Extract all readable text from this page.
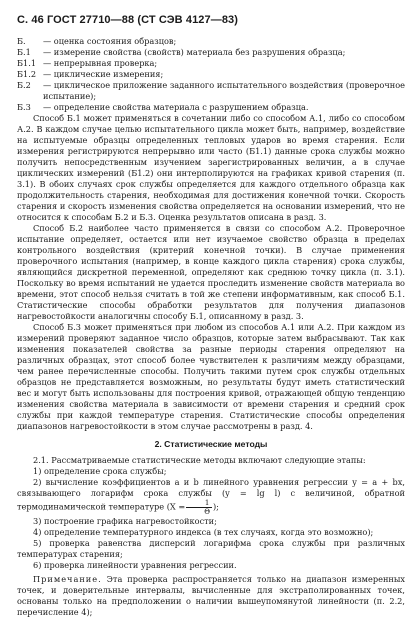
С. 46 ГОСТ 27710—88 (СТ СЭВ 4127—83)
Б.	— оценка состояния образцов;
Б.1	— измерение свойства (свойств) материала без разрушения образца;
Б1.1 — непрерывная проверка;
Б1.2 — циклические измерения;
Б.2	— циклическое приложение заданного испытательного воздействия (проверочное испытание);
Б.3	— определение свойства материала с разрушением образца.

Способ Б.1 может применяться в сочетании либо со способом А.1, либо со способом А.2. В каждом случае целью испытательного цикла может быть, например, воздействие на испытуемые образцы определенных тепловых ударов во время старения. Если измерения регистрируются непрерывно или часто (Б1.1) данные срока службы можно получить непосредственным изучением зарегистрированных величин, а в случае циклических измерений (Б1.2) они интерполируются на графиках кривой старения (п. 3.1). В обоих случаях срок службы определяется для каждого отдельного образца как продолжительность старения, необходимая для достижения конечной точки. Скорость старения и скорость изменения свойства определяется на основании измерений, что не относится к способам Б.2 и Б.3. Оценка результатов описана в разд. 3.

Способ Б.2 наиболее часто применяется в связи со способом А.2. Проверочное испытание определяет, остается или нет изучаемое свойство образца в пределах контрольного воздействия (критерий конечной точки). В случае применения проверочного испытания (например, в конце каждого цикла старения) срока службы, являющийся дискретной переменной, определяют как среднюю точку цикла (п. 3.1). Поскольку во время испытаний не удается проследить изменение свойств материала во времени, этот способ нельзя считать в той же степени информативным, как способ Б.1. Статистические способы обработки результатов для получения диапазонов нагревостойкости аналогичны способу Б.1, описанному в разд. 3.

Способ Б.3 может применяться при любом из способов А.1 или А.2. При каждом из измерений проверяют заданное число образцов, которые затем выбрасывают. Так как изменения показателей свойства за разные периоды старения определяют на различных образцах, этот способ более чувствителен к различиям между образцами, чем ранее перечисленные способы. Получить такими путем срок службы отдельных образцов не представляется возможным, но результаты будут иметь статистический вес и могут быть использованы для построения кривой, отражающей общую тенденцию изменения свойства материала в зависимости от времени старения и средний срок службы при каждой температуре старения. Статистические способы определения диапазонов нагревостойкости в этом случае рассмотрены в разд. 4.

2. Статистические методы
2.1. Рассматриваемые статистические методы включают следующие этапы:
1) определение срока службы;
2) вычисление коэффициентов a и b линейного уравнения регрессии y = a + bx, связывающего логарифм срока службы (y = lg l) с величиной, обратной термодинамической температуре ($X = \frac{1}{\Theta}$ );
3) построение графика нагревостойкости;
4) определение температурного индекса (в тех случаях, когда это возможно);
5) проверка равенства дисперсий логарифма срока службы при различных температурах старения;
6) проверка линейности уравнения регрессии.
Примечание. Эта проверка распространяется только на диапазон измеренных точек, и доверительные интервалы, вычисленные для экстраполированных точек, основаны только на предположении о наличии вышеупомянутой линейности (п. 2.2, перечисление 4);
